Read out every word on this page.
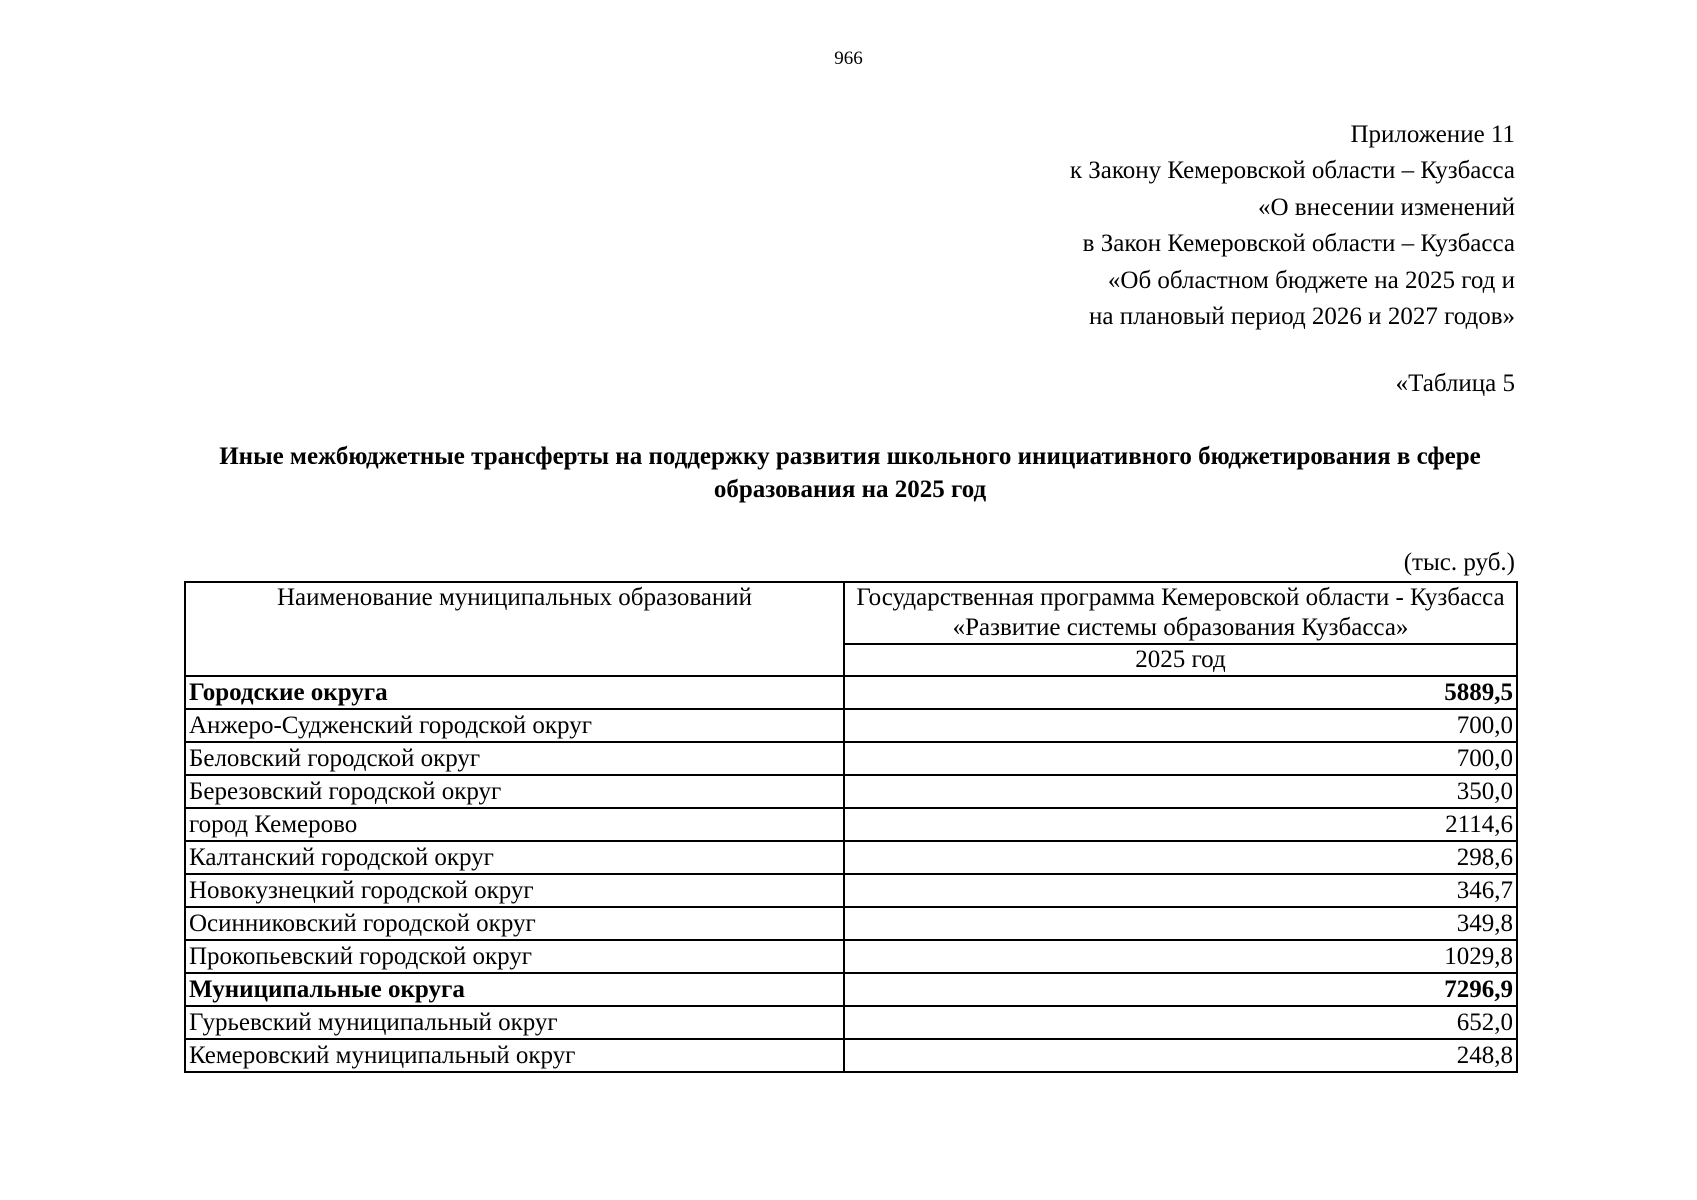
966
Приложение 11
к Закону Кемеровской области – Кузбасса
«О внесении изменений
в Закон Кемеровской области – Кузбасса
«Об областном бюджете на 2025 год и
на плановый период 2026 и 2027 годов»
«Таблица 5
Иные межбюджетные трансферты на поддержку развития школьного инициативного бюджетирования в сфере образования на 2025 год
(тыс. руб.)
Наименование муниципальных образований	Государственная программа Кемеровской области - Кузбасса «Развитие системы образования Кузбасса»
	2025 год
Городские округа	5889,5
Анжеро-Судженский городской округ	700,0
Беловский городской округ	700,0
Березовский городской округ	350,0
город Кемерово	2114,6
Калтанский городской округ	298,6
Новокузнецкий городской округ	346,7
Осинниковский городской округ	349,8
Прокопьевский городской округ	1029,8
Муниципальные округа	7296,9
Гурьевский муниципальный округ	652,0
Кемеровский муниципальный округ	248,8
